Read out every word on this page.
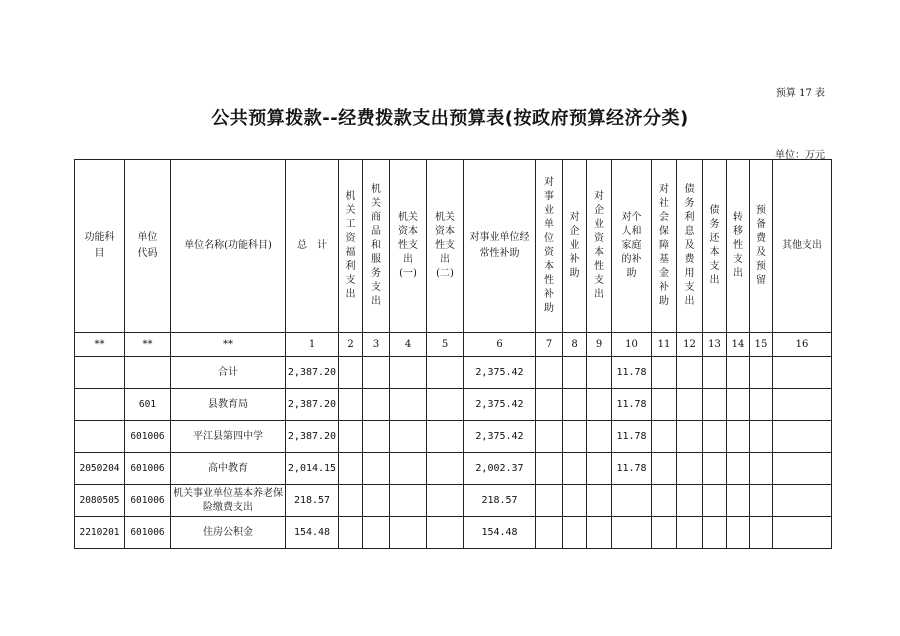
预算 17 表
公共预算拨款--经费拨款支出预算表(按政府预算经济分类)
单位：万元
功能科目	单位代码	单位名称(功能科目)	总　计	机关工资福利支出	机关商品和服务支出	机关资本性支出(一)	机关资本性支出(二)	对事业单位经常性补助	对事业单位资本性补助	对企业补助	对企业资本性支出	对个人和家庭的补助	对社会保障基金补助	债务利息及费用支出	债务还本支出	转移性支出	预备费及预留	其他支出
**	**	**	1	2	3	4	5	6	7	8	9	10	11	12	13	14	15	16
		合计	2,387.20					2,375.42				11.78						
	601	县教育局	2,387.20					2,375.42				11.78						
	601006	平江县第四中学	2,387.20					2,375.42				11.78						
2050204	601006	高中教育	2,014.15					2,002.37				11.78						
2080505	601006	机关事业单位基本养老保险缴费支出	218.57					218.57										
2210201	601006	住房公积金	154.48					154.48										
